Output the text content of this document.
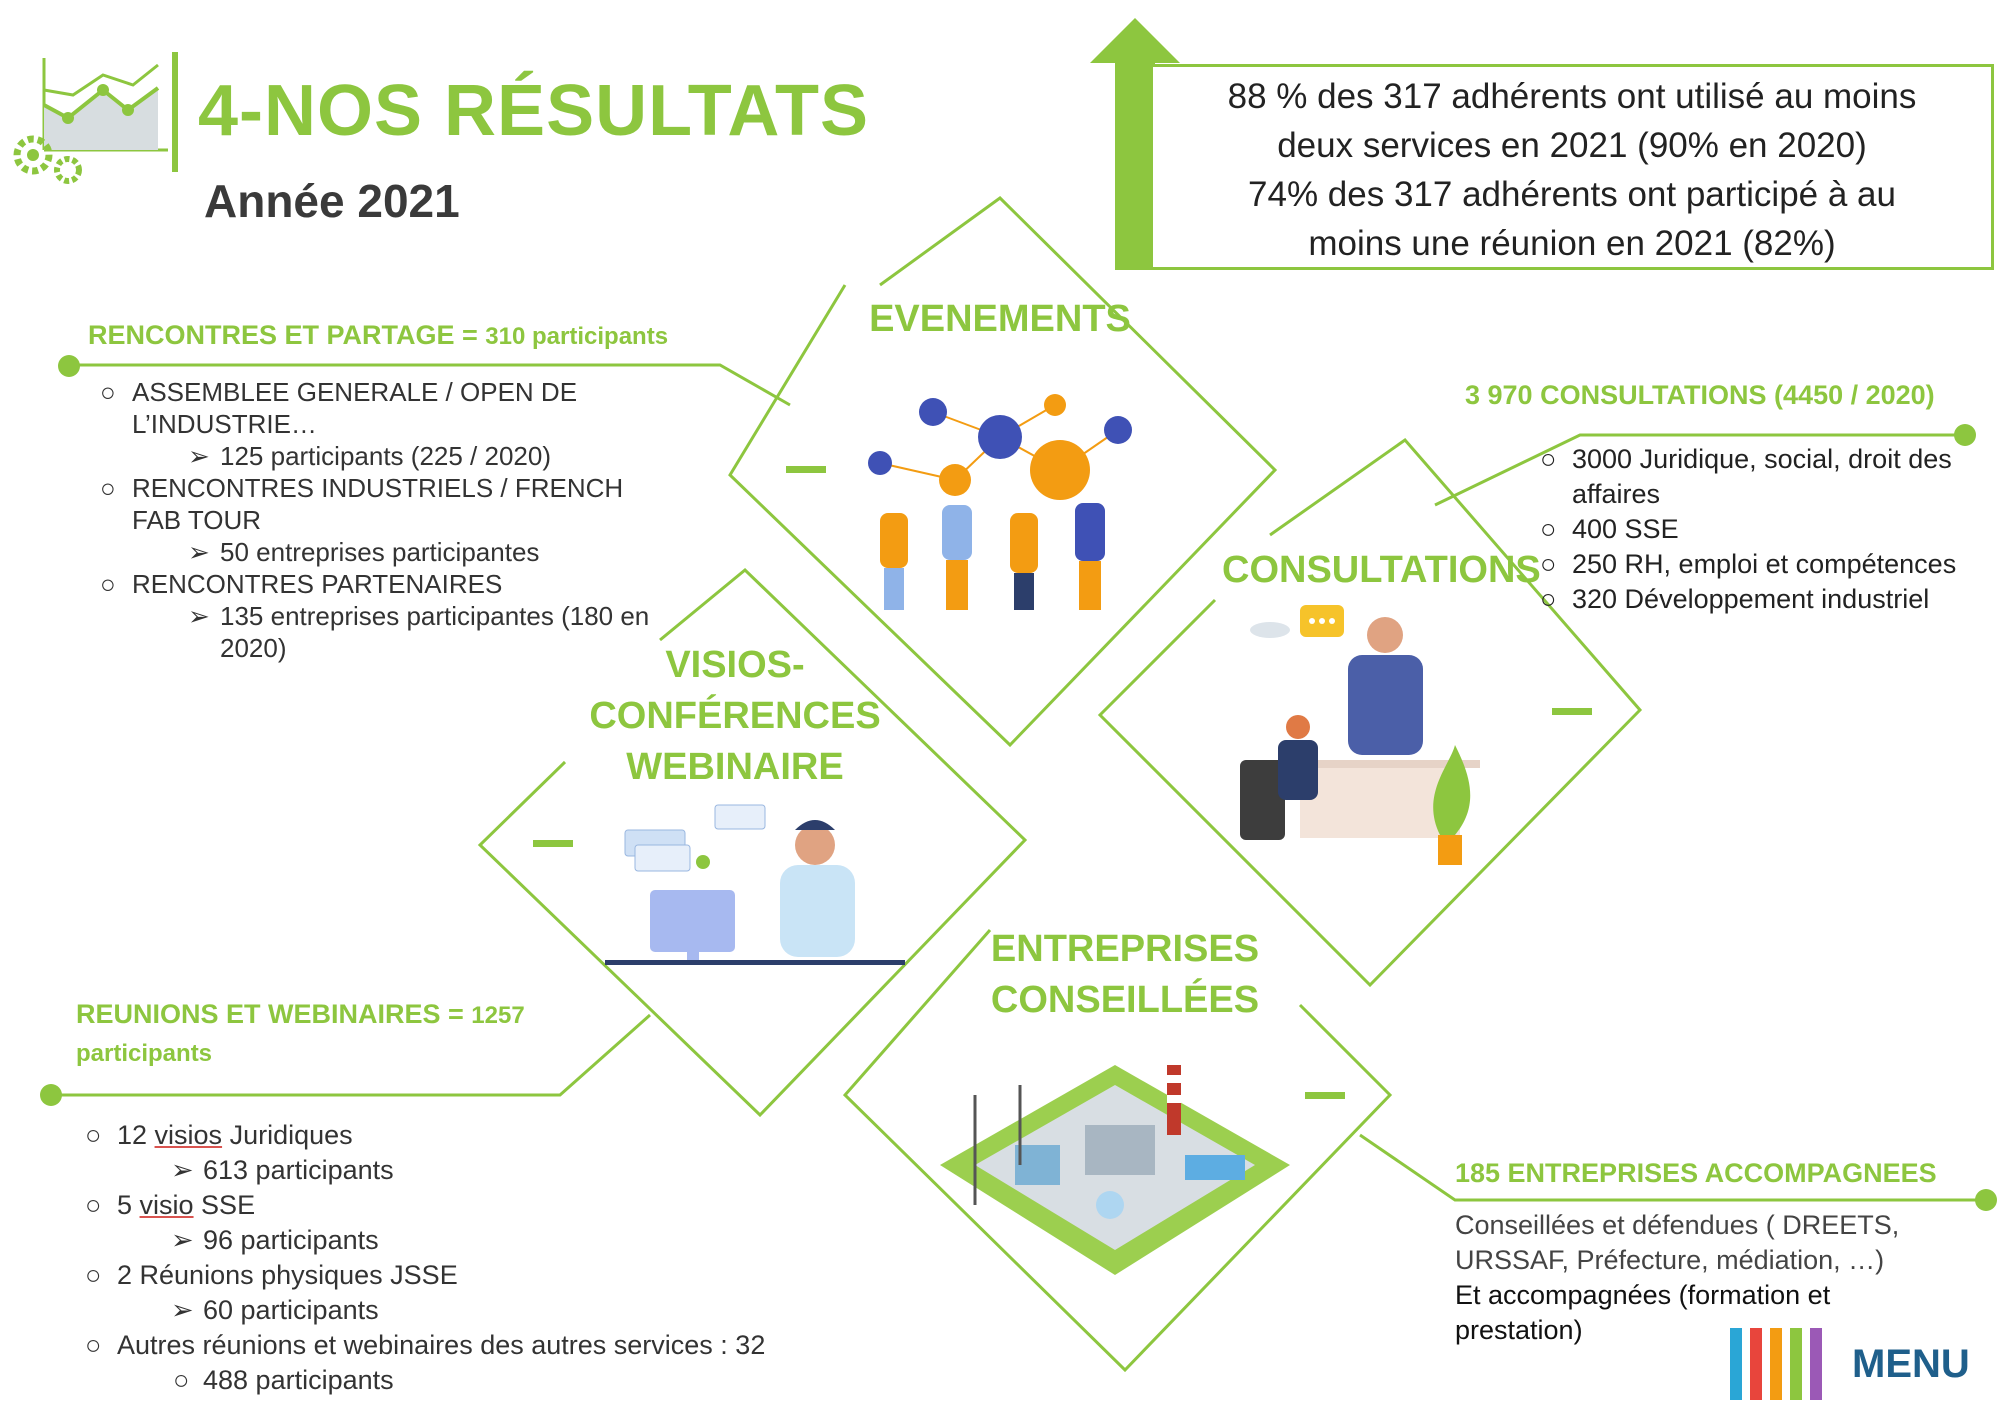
4-NOS RÉSULTATS
Année 2021
88 % des 317 adhérents ont utilisé au moins
deux services en 2021 (90% en 2020)
74% des 317 adhérents ont participé à au
moins une réunion en 2021 (82%)
EVENEMENTS
CONSULTATIONS
VISIOS-
CONFÉRENCES
WEBINAIRE
ENTREPRISES
CONSEILLÉES
RENCONTRES ET PARTAGE = 310 participants
○ ASSEMBLEE GENERALE / OPEN DE
L’INDUSTRIE…
➢ 125 participants (225 / 2020)
○ RENCONTRES INDUSTRIELS / FRENCH
FAB TOUR
➢ 50 entreprises participantes
○ RENCONTRES PARTENAIRES
➢ 135 entreprises participantes (180 en
2020)
3 970 CONSULTATIONS (4450 / 2020)
○ 3000 Juridique, social, droit des
affaires
○ 400 SSE
○ 250 RH, emploi et compétences
○ 320 Développement industriel
REUNIONS ET WEBINAIRES = 1257
participants
○ 12 visios Juridiques
➢ 613 participants
○ 5 visio SSE
➢ 96 participants
○ 2 Réunions physiques JSSE
➢ 60 participants
○ Autres réunions et webinaires des autres services : 32
○ 488 participants
185 ENTREPRISES ACCOMPAGNEES
Conseillées et défendues ( DREETS,
URSSAF, Préfecture, médiation, …)
Et accompagnées (formation et
prestation)
MENU
